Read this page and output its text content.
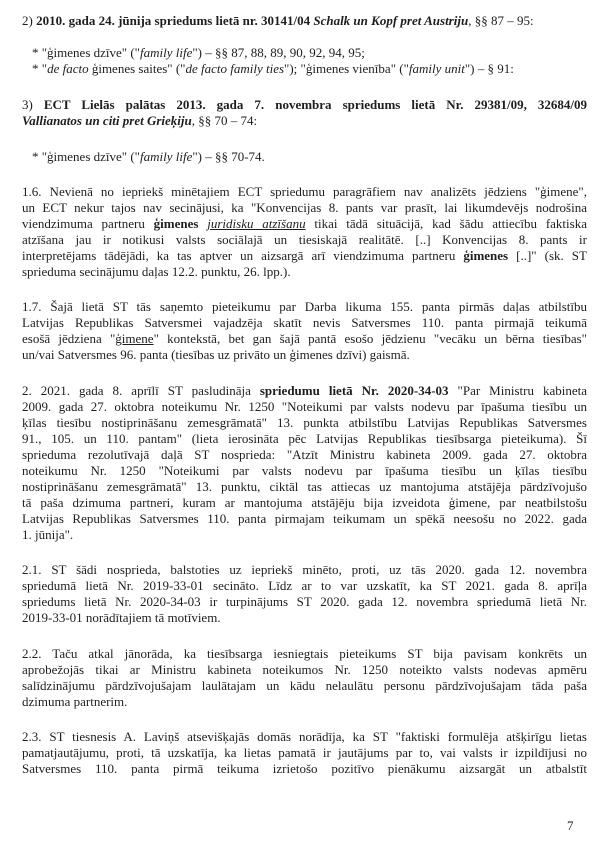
2) 2010. gada 24. jūnija spriedums lietā nr. 30141/04 Schalk un Kopf pret Austriju, §§ 87 – 95:
* "ģimenes dzīve" ("family life") – §§ 87, 88, 89, 90, 92, 94, 95;
* "de facto ģimenes saites" ("de facto family ties"); "ģimenes vienība" ("family unit") – § 91:
3) ECT Lielās palātas 2013. gada 7. novembra spriedums lietā Nr. 29381/09, 32684/09
Vallianatos un citi pret Grieķiju, §§ 70 – 74:
* "ģimenes dzīve" ("family life") – §§ 70-74.
1.6. Nevienā no iepriekš minētajiem ECT spriedumu paragrāfiem nav analizēts jēdziens "ģimene",
un ECT nekur tajos nav secinājusi, ka "Konvencijas 8. pants var prasīt, lai likumdevējs nodrošina
viendzimuma partneru ģimenes juridisku atzīšanu tikai tādā situācijā, kad šādu attiecību faktiska
atzīšana jau ir notikusi valsts sociālajā un tiesiskajā realitātē. [..] Konvencijas 8. pants ir
interpretējams tādējādi, ka tas aptver un aizsargā arī viendzimuma partneru ģimenes [..]" (sk. ST
sprieduma secinājumu daļas 12.2. punktu, 26. lpp.).
1.7. Šajā lietā ST tās saņemto pieteikumu par Darba likuma 155. panta pirmās daļas atbilstību
Latvijas Republikas Satversmei vajadzēja skatīt nevis Satversmes 110. panta pirmajā teikumā
esošā jēdziena "ģimene" kontekstā, bet gan šajā pantā esošo jēdzienu "vecāku un bērna tiesības"
un/vai Satversmes 96. panta (tiesības uz privāto un ģimenes dzīvi) gaismā.
2. 2021. gada 8. aprīlī ST pasludināja spriedumu lietā Nr. 2020-34-03 "Par Ministru kabineta
2009. gada 27. oktobra noteikumu Nr. 1250 "Noteikumi par valsts nodevu par īpašuma tiesību un
ķīlas tiesību nostiprināšanu zemesgrāmatā" 13. punkta atbilstību Latvijas Republikas Satversmes
91., 105. un 110. pantam" (lieta ierosināta pēc Latvijas Republikas tiesībsarga pieteikuma). Šī
sprieduma rezolutīvajā daļā ST nosprieda: "Atzīt Ministru kabineta 2009. gada 27. oktobra
noteikumu Nr. 1250 "Noteikumi par valsts nodevu par īpašuma tiesību un ķīlas tiesību
nostiprināšanu zemesgrāmatā" 13. punktu, ciktāl tas attiecas uz mantojuma atstājēja pārdzīvojušo
tā paša dzimuma partneri, kuram ar mantojuma atstājēju bija izveidota ģimene, par neatbilstošu
Latvijas Republikas Satversmes 110. panta pirmajam teikumam un spēkā neesošu no 2022. gada
1. jūnija".
2.1. ST šādi nosprieda, balstoties uz iepriekš minēto, proti, uz tās 2020. gada 12. novembra
spriedumā lietā Nr. 2019-33-01 secināto. Līdz ar to var uzskatīt, ka ST 2021. gada 8. aprīļa
spriedums lietā Nr. 2020-34-03 ir turpinājums ST 2020. gada 12. novembra spriedumā lietā Nr.
2019-33-01 norādītajiem tā motīviem.
2.2. Taču atkal jānorāda, ka tiesībsarga iesniegtais pieteikums ST bija pavisam konkrēts un
aprobežojās tikai ar Ministru kabineta noteikumos Nr. 1250 noteikto valsts nodevas apmēru
salīdzinājumu pārdzīvojušajam laulātajam un kādu nelaulātu personu pārdzīvojušajam tāda paša
dzimuma partnerim.
2.3. ST tiesnesis A. Laviņš atsevišķajās domās norādīja, ka ST "faktiski formulēja atšķirīgu lietas
pamatjautājumu, proti, tā uzskatīja, ka lietas pamatā ir jautājums par to, vai valsts ir izpildījusi no
Satversmes 110. panta pirmā teikuma izrietošo pozitīvo pienākumu aizsargāt un atbalstīt
7
